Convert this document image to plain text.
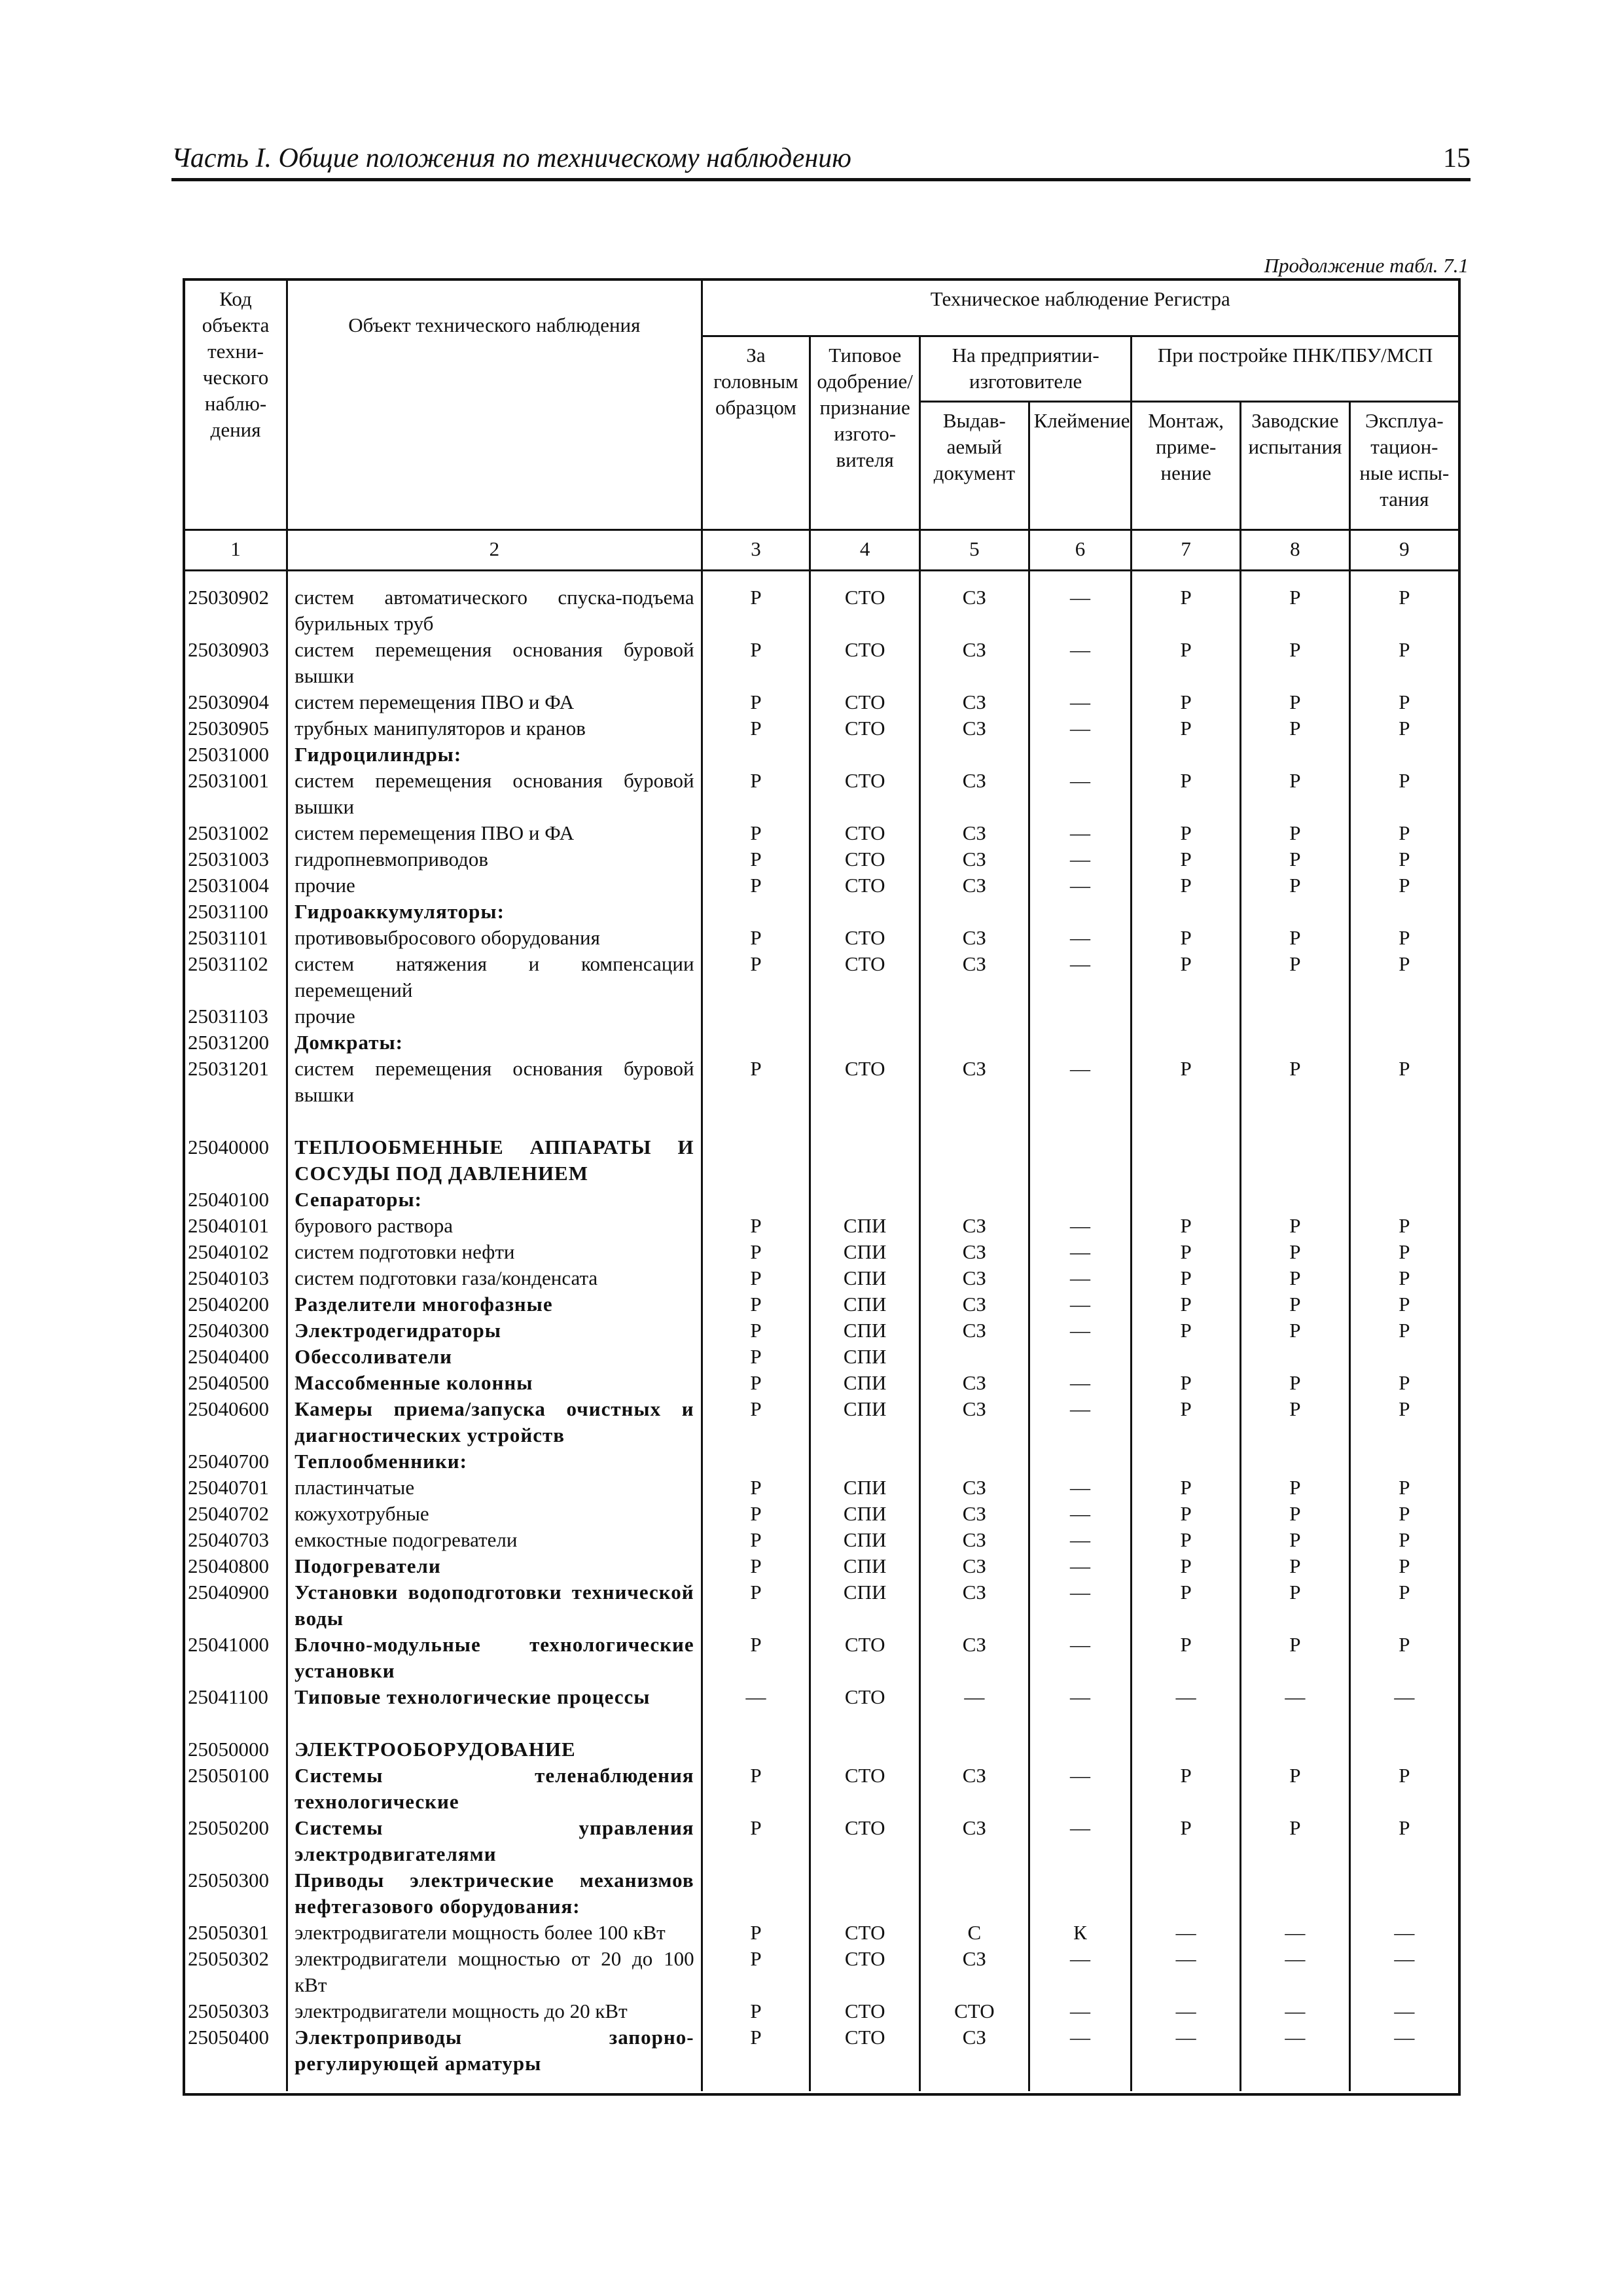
Часть I. Общие положения по техническому наблюдению	15
Продолжение табл. 7.1
Код объекта техни-ческого наблю-дения	Объект технического наблюдения	Техническое наблюдение Регистра						
		За головным образцом	Типовое одобрение/ признание изгото-вителя	На предприятии-изготовителе		При постройке ПНК/ПБУ/МСП		
				Выдав-аемый документ	Клеймение	Монтаж, приме-нение	Заводские испытания	Эксплуа-тацион-ные испы-тания
1	2	3	4	5	6	7	8	9

25030902	систем автоматического спуска-подъема бурильных труб	Р	СТО	СЗ	—	Р	Р	Р
25030903	систем перемещения основания буровой вышки	Р	СТО	СЗ	—	Р	Р	Р
25030904	систем перемещения ПВО и ФА	Р	СТО	СЗ	—	Р	Р	Р
25030905	трубных манипуляторов и кранов	Р	СТО	СЗ	—	Р	Р	Р
25031000	Гидроцилиндры:							
25031001	систем перемещения основания буровой вышки	Р	СТО	СЗ	—	Р	Р	Р
25031002	систем перемещения ПВО и ФА	Р	СТО	СЗ	—	Р	Р	Р
25031003	гидропневмоприводов	Р	СТО	СЗ	—	Р	Р	Р
25031004	прочие	Р	СТО	СЗ	—	Р	Р	Р
25031100	Гидроаккумуляторы:							
25031101	противовыбросового оборудования	Р	СТО	СЗ	—	Р	Р	Р
25031102	систем натяжения и компенсации перемещений	Р	СТО	СЗ	—	Р	Р	Р
25031103	прочие							
25031200	Домкраты:							
25031201	систем перемещения основания буровой вышки	Р	СТО	СЗ	—	Р	Р	Р

25040000	ТЕПЛООБМЕННЫЕ АППАРАТЫ И СОСУДЫ ПОД ДАВЛЕНИЕМ							
25040100	Сепараторы:							
25040101	бурового раствора	Р	СПИ	СЗ	—	Р	Р	Р
25040102	систем подготовки нефти	Р	СПИ	СЗ	—	Р	Р	Р
25040103	систем подготовки газа/конденсата	Р	СПИ	СЗ	—	Р	Р	Р
25040200	Разделители многофазные	Р	СПИ	СЗ	—	Р	Р	Р
25040300	Электродегидраторы	Р	СПИ	СЗ	—	Р	Р	Р
25040400	Обессоливатели	Р	СПИ					
25040500	Массобменные колонны	Р	СПИ	СЗ	—	Р	Р	Р
25040600	Камеры приема/запуска очистных и диагностических устройств	Р	СПИ	СЗ	—	Р	Р	Р
25040700	Теплообменники:							
25040701	пластинчатые	Р	СПИ	СЗ	—	Р	Р	Р
25040702	кожухотрубные	Р	СПИ	СЗ	—	Р	Р	Р
25040703	емкостные подогреватели	Р	СПИ	СЗ	—	Р	Р	Р
25040800	Подогреватели	Р	СПИ	СЗ	—	Р	Р	Р
25040900	Установки водоподготовки технической воды	Р	СПИ	СЗ	—	Р	Р	Р
25041000	Блочно-модульные технологические установки	Р	СТО	СЗ	—	Р	Р	Р
25041100	Типовые технологические процессы	—	СТО	—	—	—	—	—

25050000	ЭЛЕКТРООБОРУДОВАНИЕ							
25050100	Системы теленаблюдения технологические	Р	СТО	СЗ	—	Р	Р	Р
25050200	Системы управления электродвигателями	Р	СТО	СЗ	—	Р	Р	Р
25050300	Приводы электрические механизмов нефтегазового оборудования:							
25050301	электродвигатели мощность более 100 кВт	Р	СТО	С	К	—	—	—
25050302	электродвигатели мощностью от 20 до 100 кВт	Р	СТО	СЗ	—	—	—	—
25050303	электродвигатели мощность до 20 кВт	Р	СТО	СТО	—	—	—	—
25050400	Электроприводы запорно-регулирующей арматуры	Р	СТО	СЗ	—	—	—	—
